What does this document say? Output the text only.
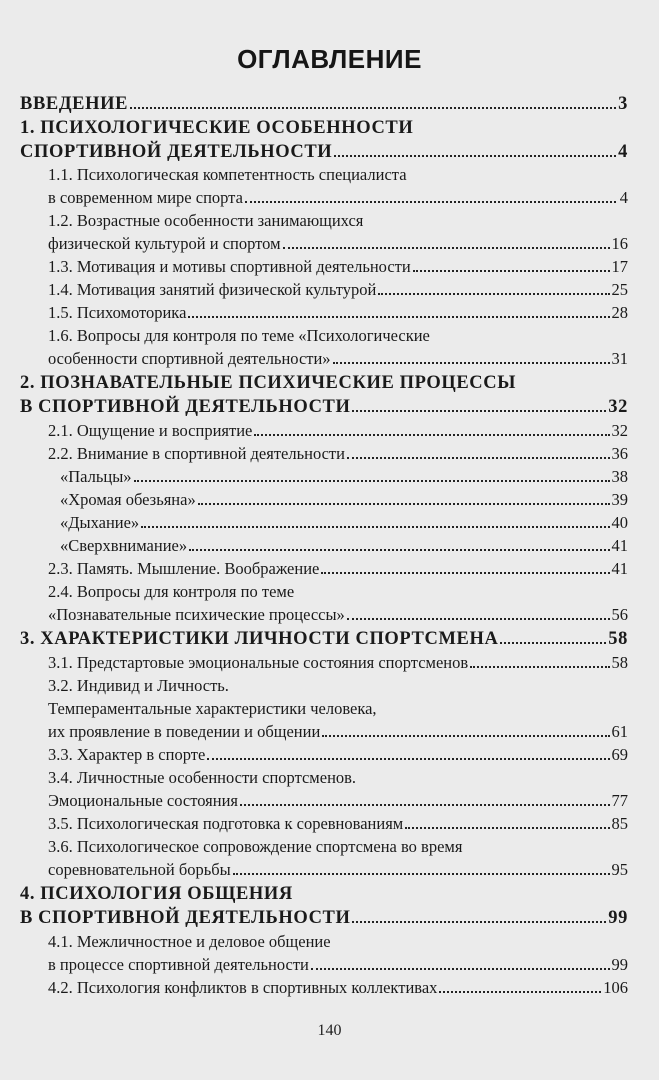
ОГЛАВЛЕНИЕ
ВВЕДЕНИЕ	3
1. ПСИХОЛОГИЧЕСКИЕ ОСОБЕННОСТИ
СПОРТИВНОЙ ДЕЯТЕЛЬНОСТИ	4
1.1. Психологическая компетентность специалиста
в современном мире спорта	4
1.2. Возрастные особенности занимающихся
физической культурой и спортом	16
1.3. Мотивация и мотивы спортивной деятельности	17
1.4. Мотивация занятий физической культурой	25
1.5. Психомоторика	28
1.6. Вопросы для контроля по теме «Психологические
особенности спортивной деятельности»	31
2. ПОЗНАВАТЕЛЬНЫЕ ПСИХИЧЕСКИЕ ПРОЦЕССЫ
В СПОРТИВНОЙ ДЕЯТЕЛЬНОСТИ	32
2.1. Ощущение и восприятие	32
2.2. Внимание в спортивной деятельности	36
«Пальцы»	38
«Хромая обезьяна»	39
«Дыхание»	40
«Сверхвнимание»	41
2.3. Память. Мышление. Воображение	41
2.4. Вопросы для контроля по теме
«Познавательные психические процессы»	56
3. ХАРАКТЕРИСТИКИ ЛИЧНОСТИ СПОРТСМЕНА	58
3.1. Предстартовые эмоциональные состояния спортсменов	58
3.2. Индивид и Личность.
Темпераментальные характеристики человека,
их проявление в поведении и общении	61
3.3. Характер в спорте	69
3.4. Личностные особенности спортсменов.
Эмоциональные состояния	77
3.5. Психологическая подготовка к соревнованиям	85
3.6. Психологическое сопровождение спортсмена во время
соревновательной борьбы	95
4. ПСИХОЛОГИЯ ОБЩЕНИЯ
В СПОРТИВНОЙ ДЕЯТЕЛЬНОСТИ	99
4.1. Межличностное и деловое общение
в процессе спортивной деятельности	99
4.2. Психология конфликтов в спортивных коллективах	106
140
